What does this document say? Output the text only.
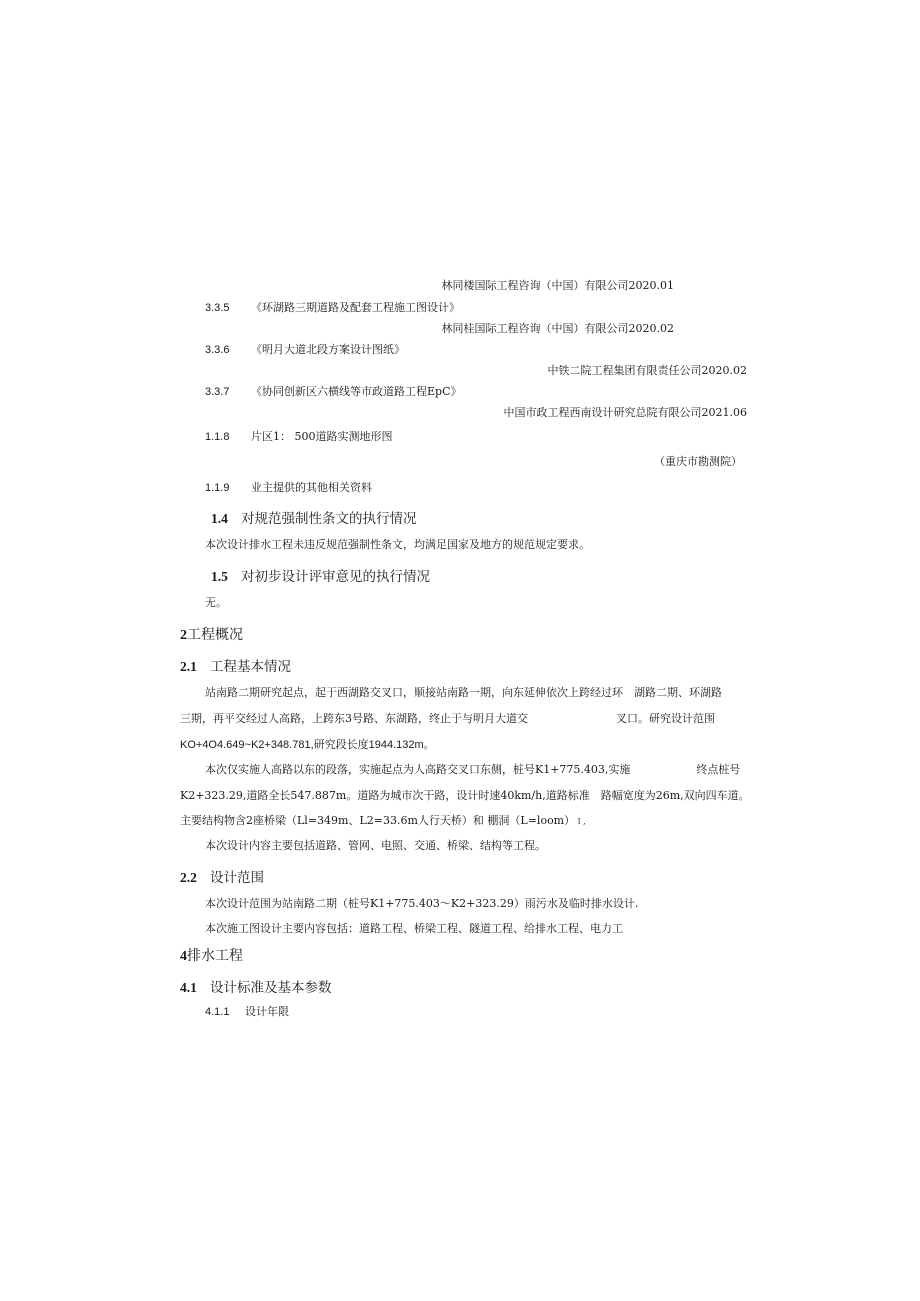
林同楼国际工程咨询（中国）有限公司2020.01
3.3.5 《环湖路三期道路及配套工程施工图设计》
林同桂国际工程咨询（中国）有限公司2020.02
3.3.6 《明月大道北段方案设计图纸》
中铁二院工程集团有限责任公司2020.02
3.3.7 《协同创新区六横线等市政道路工程EpC》
中国市政工程西南设计研究总院有限公司2021.06
1.1.8 片区1： 500道路实测地形图
（重庆市勘测院）
1.1.9 业主提供的其他相关资料
1.4 对规范强制性条文的执行情况
本次设计排水工程未违反规范强制性条文，均满足国家及地方的规范规定要求。
1.5 对初步设计评审意见的执行情况
无。
2工程概况
2.1 工程基本情况
站南路二期研究起点，起于西湖路交叉口，顺接站南路一期，向东延伸依次上跨经过环　湖路二期、环湖路
三期，再平交经过人高路，上跨东3号路、东湖路，终止于与明月大道交　　　　　　　　叉口。研究设计范围
KO+4O4.649~K2+348.781,研究段长度1944.132m。
本次仅实施人高路以东的段落，实施起点为人高路交叉口东侧，桩号K1+775.403,实施　　　　　　终点桩号
K2+323.29,道路全长547.887m。道路为城市次干路，设计时速40km∕h,道路标准　路幅宽度为26m,双向四车道。
主要结构物含2座桥梁（Ll=349m、L2=33.6m人行天桥）和 棚洞（L=loom）Ｉ,
本次设计内容主要包括道路、管网、电照、交通、桥梁、结构等工程。
2.2 设计范围
本次设计范围为站南路二期（桩号K1+775.403〜K2+323.29）雨污水及临时排水设计.
本次施工图设计主要内容包括：道路工程、桥梁工程、隧道工程、给排水工程、电力工
4排水工程
4.1 设计标准及基本参数
4.1.1 设计年限
